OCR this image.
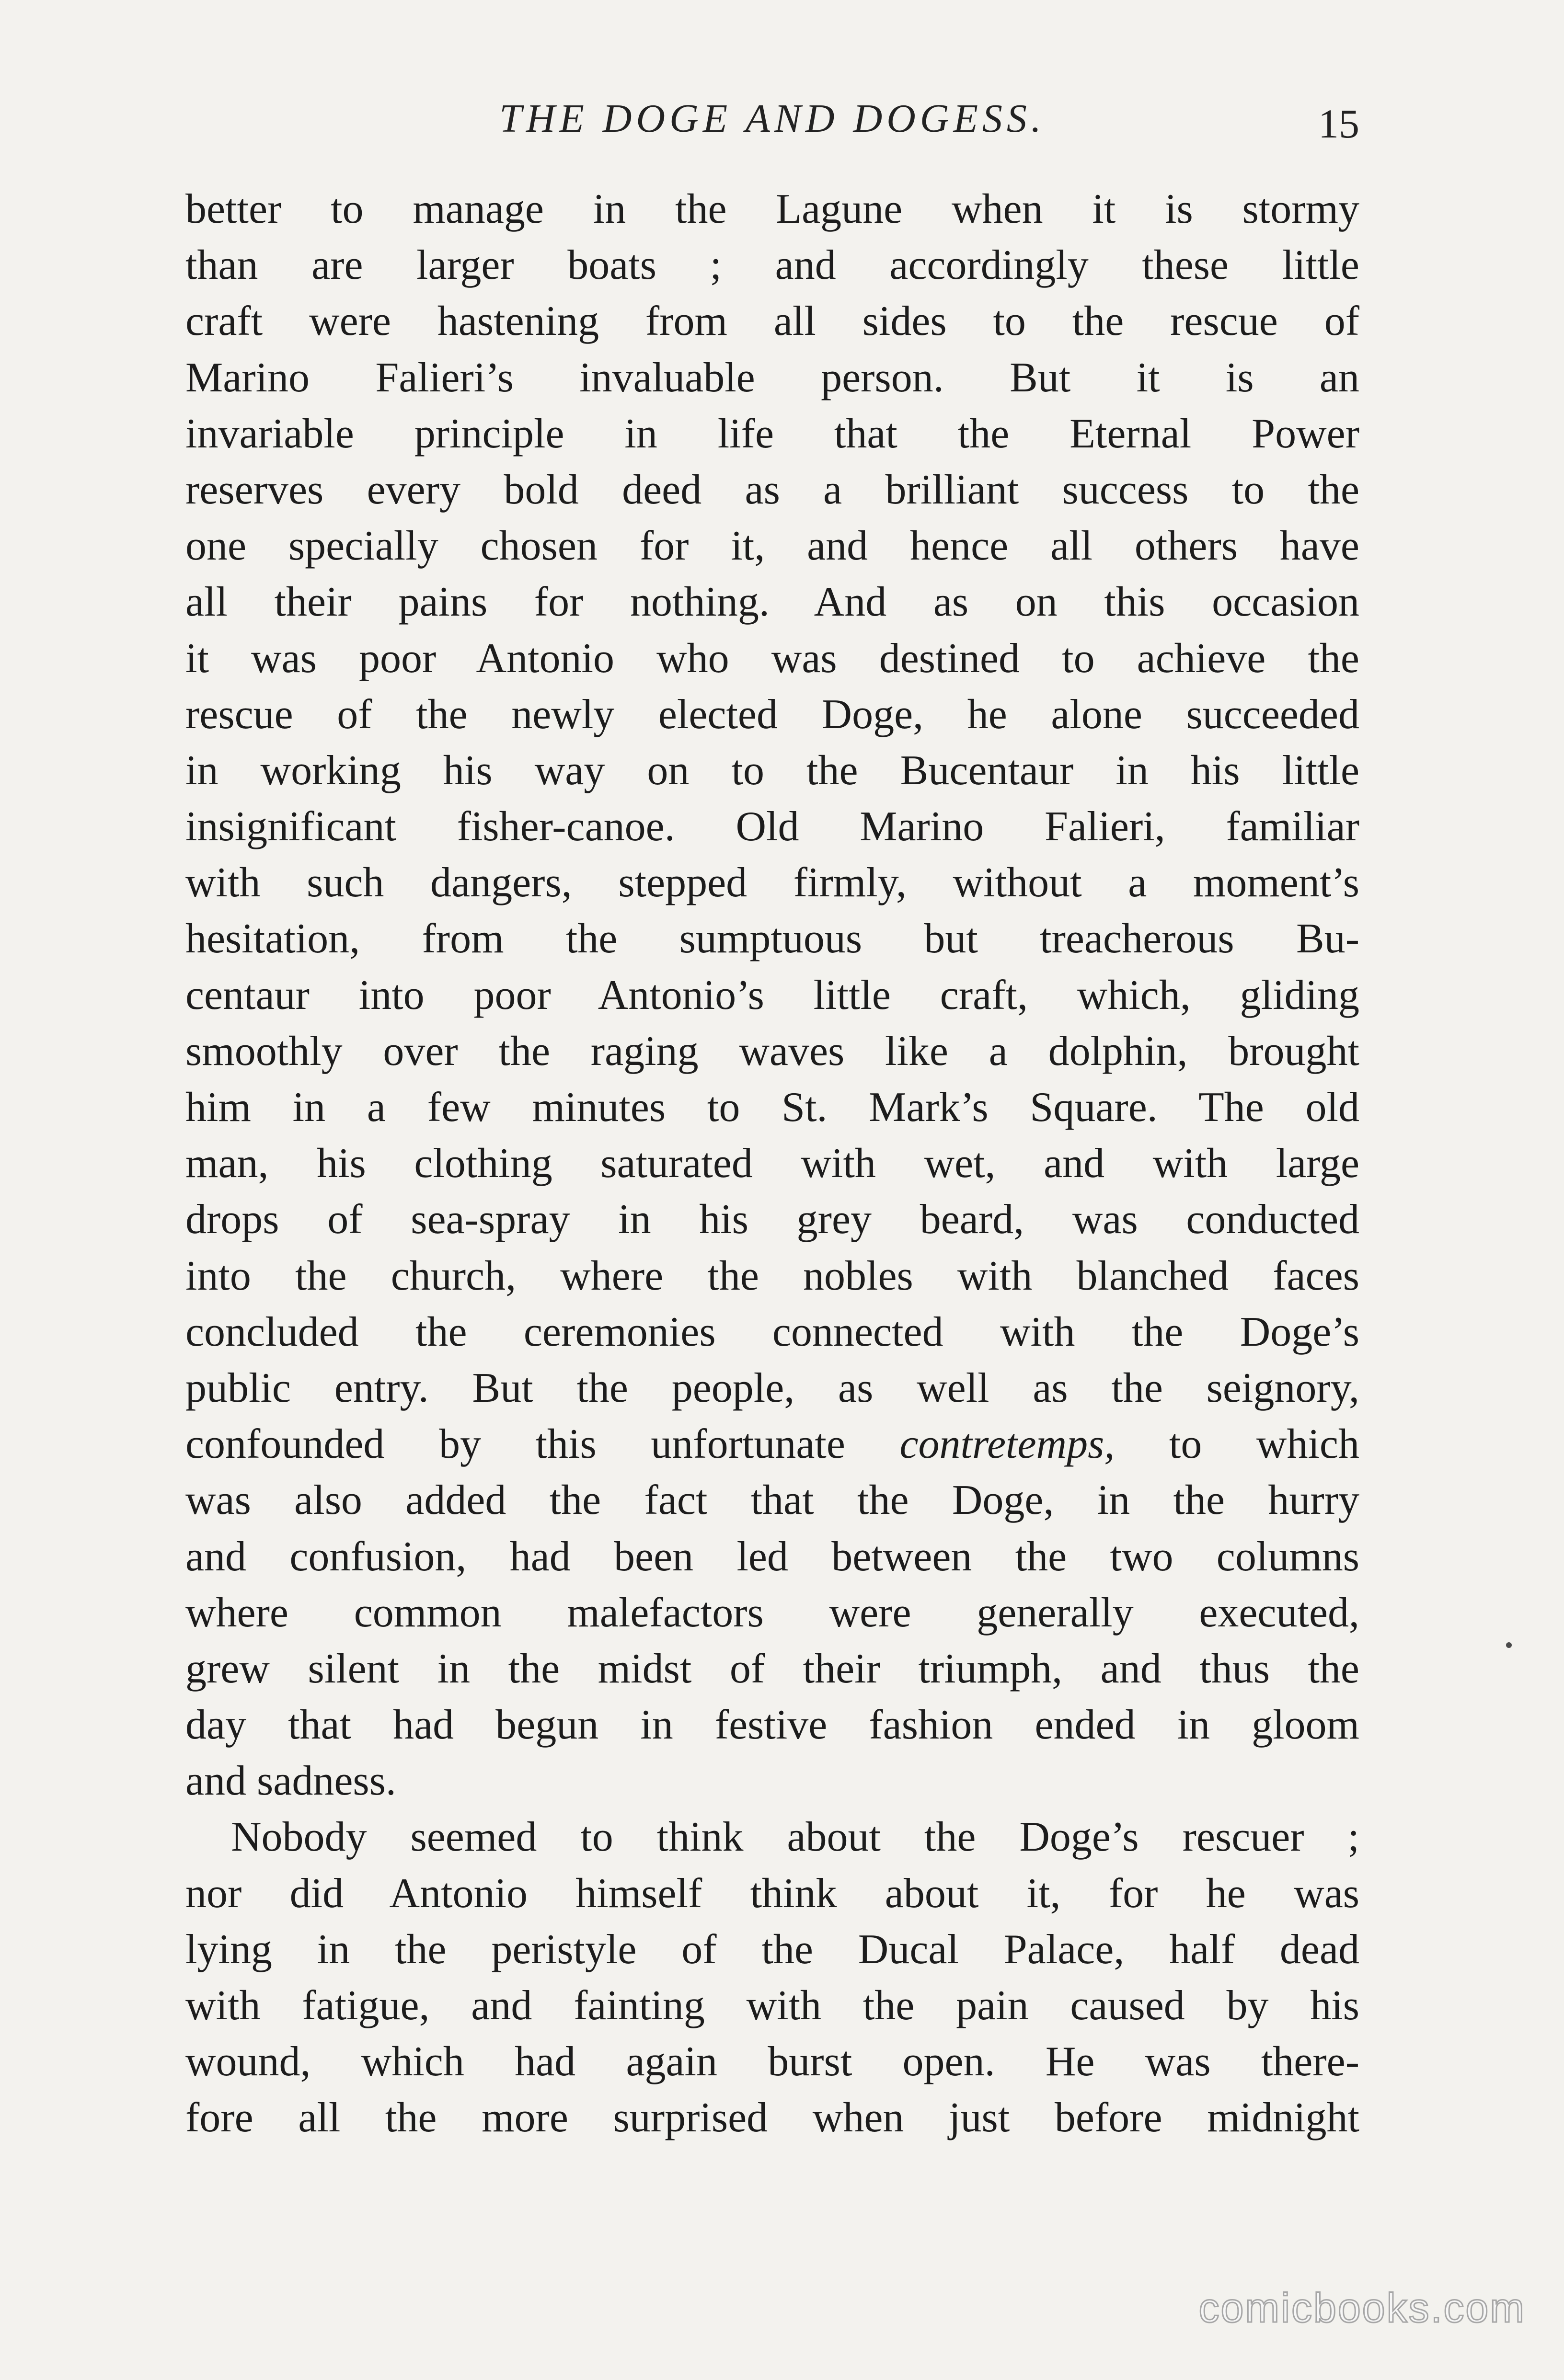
THE DOGE AND DOGESS.	15
better to manage in the Lagune when it is stormy
than are larger boats ; and accordingly these little
craft were hastening from all sides to the rescue of
Marino Falieri’s invaluable person. But it is an
invariable principle in life that the Eternal Power
reserves every bold deed as a brilliant success to the
one specially chosen for it, and hence all others have
all their pains for nothing. And as on this occasion
it was poor Antonio who was destined to achieve the
rescue of the newly elected Doge, he alone succeeded
in working his way on to the Bucentaur in his little
insignificant fisher-canoe. Old Marino Falieri, familiar
with such dangers, stepped firmly, without a moment’s
hesitation, from the sumptuous but treacherous Bu-
centaur into poor Antonio’s little craft, which, gliding
smoothly over the raging waves like a dolphin, brought
him in a few minutes to St. Mark’s Square. The old
man, his clothing saturated with wet, and with large
drops of sea-spray in his grey beard, was conducted
into the church, where the nobles with blanched faces
concluded the ceremonies connected with the Doge’s
public entry. But the people, as well as the seignory,
confounded by this unfortunate contretemps, to which
was also added the fact that the Doge, in the hurry
and confusion, had been led between the two columns
where common malefactors were generally executed,
grew silent in the midst of their triumph, and thus the
day that had begun in festive fashion ended in gloom
and sadness.
Nobody seemed to think about the Doge’s rescuer ;
nor did Antonio himself think about it, for he was
lying in the peristyle of the Ducal Palace, half dead
with fatigue, and fainting with the pain caused by his
wound, which had again burst open. He was there-
fore all the more surprised when just before midnight
comicbooks.com
